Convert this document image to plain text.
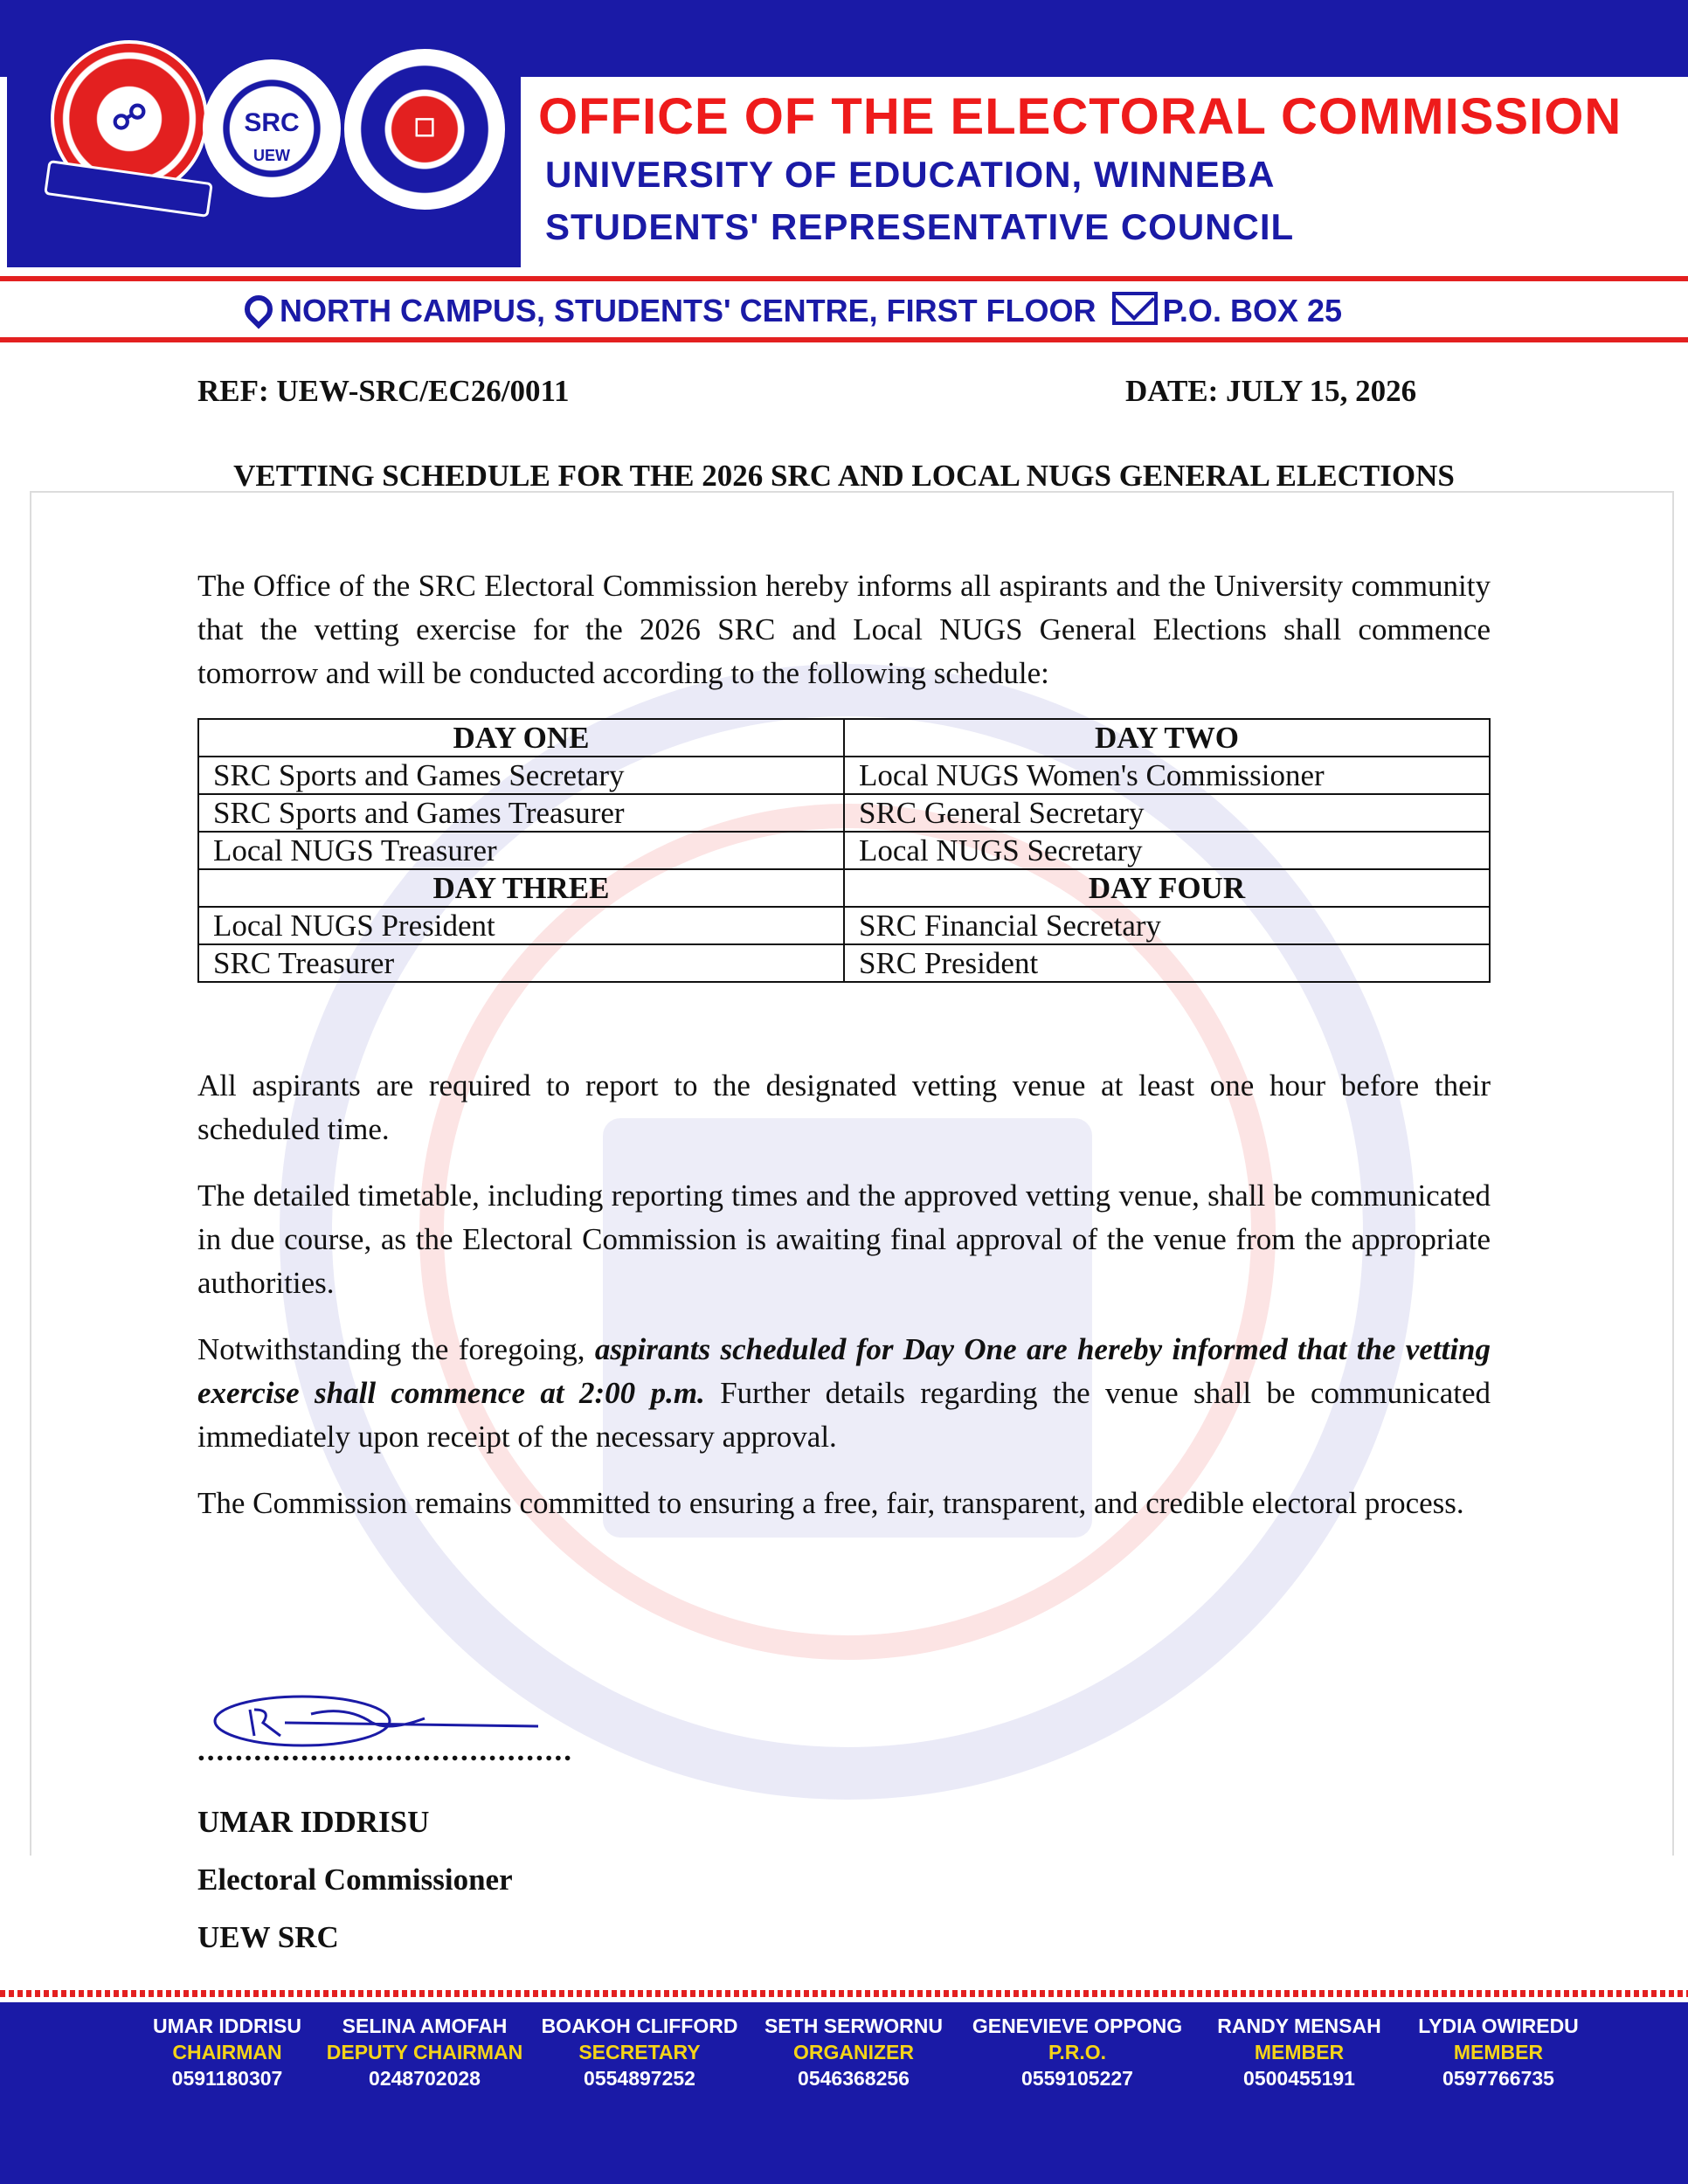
☍	SRC
UEW
☐	OFFICE OF THE ELECTORAL COMMISSION
UNIVERSITY OF EDUCATION, WINNEBA
STUDENTS' REPRESENTATIVE COUNCIL
NORTH CAMPUS, STUDENTS' CENTRE, FIRST FLOOR P.O. BOX 25
REF: UEW-SRC/EC26/0011	DATE: JULY 15, 2026
VETTING SCHEDULE FOR THE 2026 SRC AND LOCAL NUGS GENERAL ELECTIONS
The Office of the SRC Electoral Commission hereby informs all aspirants and the University community that the vetting exercise for the 2026 SRC and Local NUGS General Elections shall commence tomorrow and will be conducted according to the following schedule:
DAY ONE	DAY TWO
SRC Sports and Games Secretary	Local NUGS Women's Commissioner
SRC Sports and Games Treasurer	SRC General Secretary
Local NUGS Treasurer	Local NUGS Secretary
DAY THREE	DAY FOUR
Local NUGS President	SRC Financial Secretary
SRC Treasurer	SRC President
All aspirants are required to report to the designated vetting venue at least one hour before their scheduled time.
The detailed timetable, including reporting times and the approved vetting venue, shall be communicated in due course, as the Electoral Commission is awaiting final approval of the venue from the appropriate authorities.
Notwithstanding the foregoing, aspirants scheduled for Day One are hereby informed that the vetting exercise shall commence at 2:00 p.m. Further details regarding the venue shall be communicated immediately upon receipt of the necessary approval.
The Commission remains committed to ensuring a free, fair, transparent, and credible electoral process.
........................................
UMAR IDDRISU
Electoral Commissioner
UEW SRC
UMAR IDDRISU
CHAIRMAN
0591180307
SELINA AMOFAH
DEPUTY CHAIRMAN
0248702028
BOAKOH CLIFFORD
SECRETARY
0554897252
SETH SERWORNU
ORGANIZER
0546368256
GENEVIEVE OPPONG
P.R.O.
0559105227
RANDY MENSAH
MEMBER
0500455191
LYDIA OWIREDU
MEMBER
0597766735
